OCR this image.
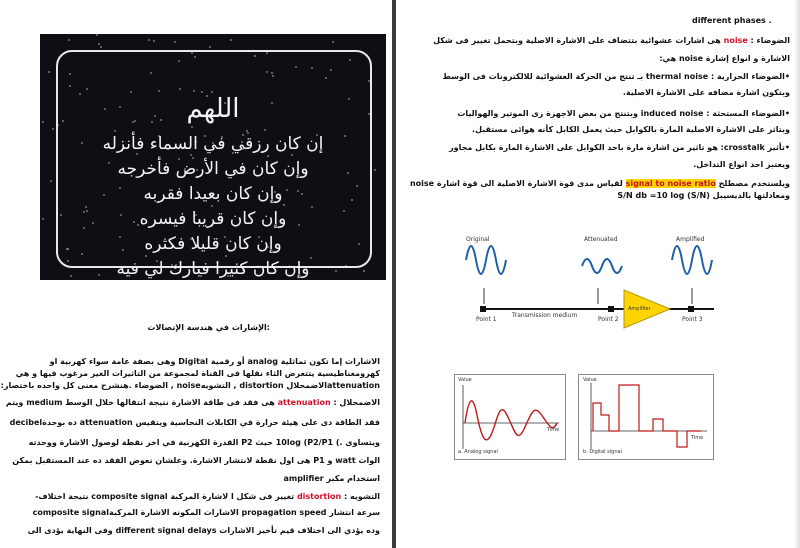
اللهم
إن كان رزقي في السماء فأنزله
وإن كان في الأرض فأخرجه
وإن كان بعيدا فقربه
وإن كان قريبا فيسره
وإن كان قليلا فكثره
وإن كان كثيرا فبارك لي فيه
:الإشارات في هندسة الإتصالات
الاشارات إما تكون تماثلية analog أو رقمية Digital وهى بصفة عامة سواء كهربية او
كهرومغناطيسية يتتعرض الثاء نقلها فى القناة لمجموعة من التاثيرات الغير مرغوب فيها و هي
attenuationالاضمحلال distortion , التشويهnoise , الضوضاء .هنشرح معنى كل واحده باختصار:
الاضمحلال : attenuation هى فقد فى طاقة الاشارة نتيجة انتقالها خلال الوسط medium ويتم
فقد الطاقة دى على هيئة حرارة في الكابلات النحاسية ويتقيس attenuation ده بوحدةdecibel
ويتساوى .) 10log (P2/P1 حيث P2 القدرة الكهربية في اخر نقطة لوصول الاشارة ووحدته
الوات watt و P1 هى اول نقطة لانتشار الاشارة. وعلشان نعوض الفقد ده عند المستقبل بمكن
استخدام مكبر amplifier
التشويه : distortion تغيير فى شكل ا لاشارة المركبة composite signal نتيجة اختلاف-
سرعة انتشار propagation speed الاشارات المكونه الاشارة المركبةcomposite signal
وده يؤدي الى اختلاف قيم تأخير الاشارات different signal delays وفى النهاية يؤدى الى
different phases .
الضوضاء : noise هى اشارات عشوائية بتتضاف على الاشارة الاصلية وبتحمل تغيير فى شكل
الاشارة و انواع إشارة noise هي:
•الضوضاء الحرارية : thermal noise بـ تنتج من الحركة العشوائية للالكترونات فى الوسط
وبتكون اشارة مضافه على الاشارة الاصلية.
•الضوضاء المستحثة : induced noise وبتنتج من بعض الاجهزة زى الموتير والهواليات
وبتاثر على الاشارة الاصلية المارة بالكوابل حيث يعمل الكابل كأنه هوائى مستقبل.
•تأثير crosstalk: هو تاثير من اشارة مارة باحد الكوابل على الاشارة المارة بكابل مجاور
ويعتبر احد انواع التداخل.
ويلستخدم مصطلح signal to noise ratio لقياس مدى قوة الاشارة الاصلية الى قوة اشارة noise
ومعادلتها بالديسيبل (S/N) S/N db =10 log
Original	Attenuated	Amplified
Point 1	Point 2	Point 3
Transmission medium
Amplifier
Value
Time
a. Analog signal
Value
Time
b. Digital signal
